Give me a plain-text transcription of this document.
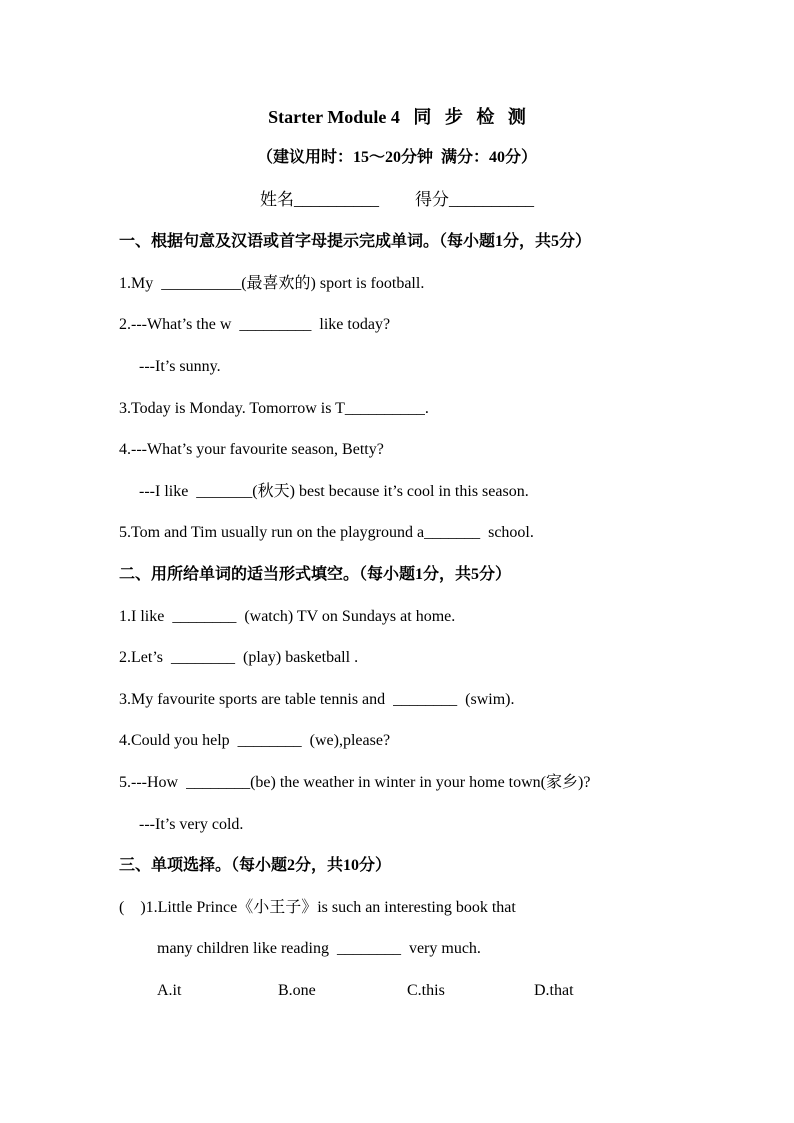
Starter Module 4   同   步   检   测
（建议用时：15～20分钟  满分：40分）
姓名__________ 得分__________
一、根据句意及汉语或首字母提示完成单词。（每小题1分，共5分）
1.My  __________(最喜欢的) sport is football.
2.---What’s the w  _________  like today?
---It’s sunny.
3.Today is Monday. Tomorrow is T__________.
4.---What’s your favourite season, Betty?
---I like  _______(秋天) best because it’s cool in this season.
5.Tom and Tim usually run on the playground a_______  school.
二、用所给单词的适当形式填空。（每小题1分，共5分）
1.I like  ________  (watch) TV on Sundays at home.
2.Let’s  ________  (play) basketball .
3.My favourite sports are table tennis and  ________  (swim).
4.Could you help  ________  (we),please?
5.---How  ________(be) the weather in winter in your home town(家乡)?
---It’s very cold.
三、单项选择。（每小题2分，共10分）
(    )1.Little Prince《小王子》is such an interesting book that
many children like reading  ________  very much.
A.it	B.one	C.this	D.that
